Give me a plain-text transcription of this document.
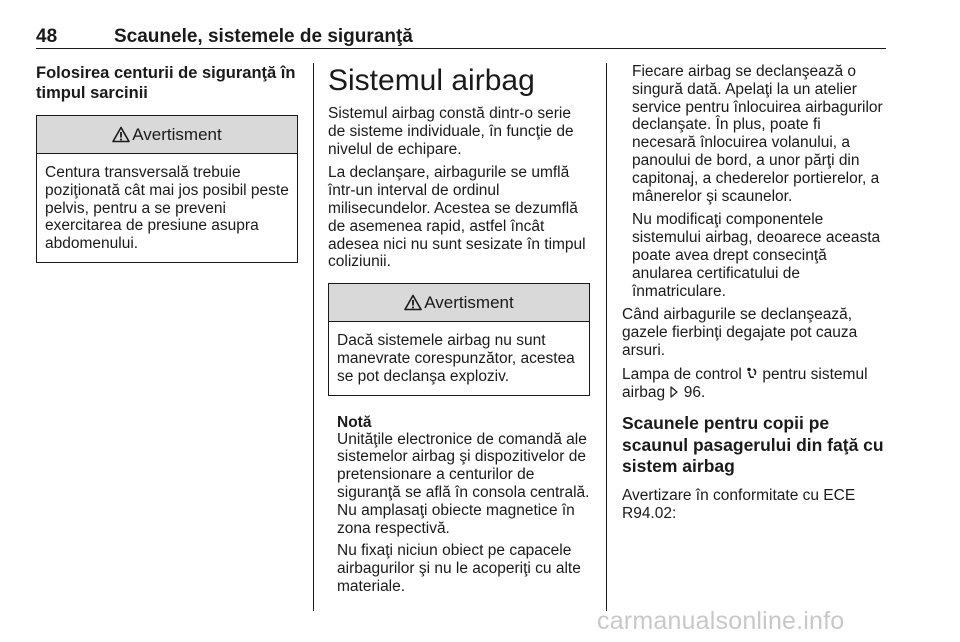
48	Scaunele, sistemele de siguranţă
Folosirea centurii de siguranţă în timpul sarcinii
Avertisment
Centura transversală trebuie poziţionată cât mai jos posibil peste pelvis, pentru a se preveni exercitarea de presiune asupra abdomenului.
Sistemul airbag

Sistemul airbag constă dintr-o serie de sisteme individuale, în funcţie de nivelul de echipare.

La declanşare, airbagurile se umflă într-un interval de ordinul milisecundelor. Acestea se dezumflă de asemenea rapid, astfel încât adesea nici nu sunt sesizate în timpul coliziunii.

Avertisment
Dacă sistemele airbag nu sunt manevrate corespunzător, acestea se pot declanşa exploziv.
Notă

Unităţile electronice de comandă ale sistemelor airbag şi dispozitivelor de pretensionare a centurilor de siguranţă se află în consola centrală. Nu amplasaţi obiecte magnetice în zona respectivă.

Nu fixaţi niciun obiect pe capacele airbagurilor şi nu le acoperiţi cu alte materiale.

Fiecare airbag se declanşează o singură dată. Apelaţi la un atelier service pentru înlocuirea airbagurilor declanşate. În plus, poate fi necesară înlocuirea volanului, a panoului de bord, a unor părţi din capitonaj, a chederelor portierelor, a mânerelor şi scaunelor.

Nu modificaţi componentele sistemului airbag, deoarece aceasta poate avea drept consecinţă anularea certificatului de înmatriculare.

Când airbagurile se declanşează, gazele fierbinţi degajate pot cauza arsuri.

Lampa de control pentru sistemul airbag 96.

Scaunele pentru copii pe scaunul pasagerului din faţă cu sistem airbag

Avertizare în conformitate cu ECE R94.02:

carmanualsonline.info
